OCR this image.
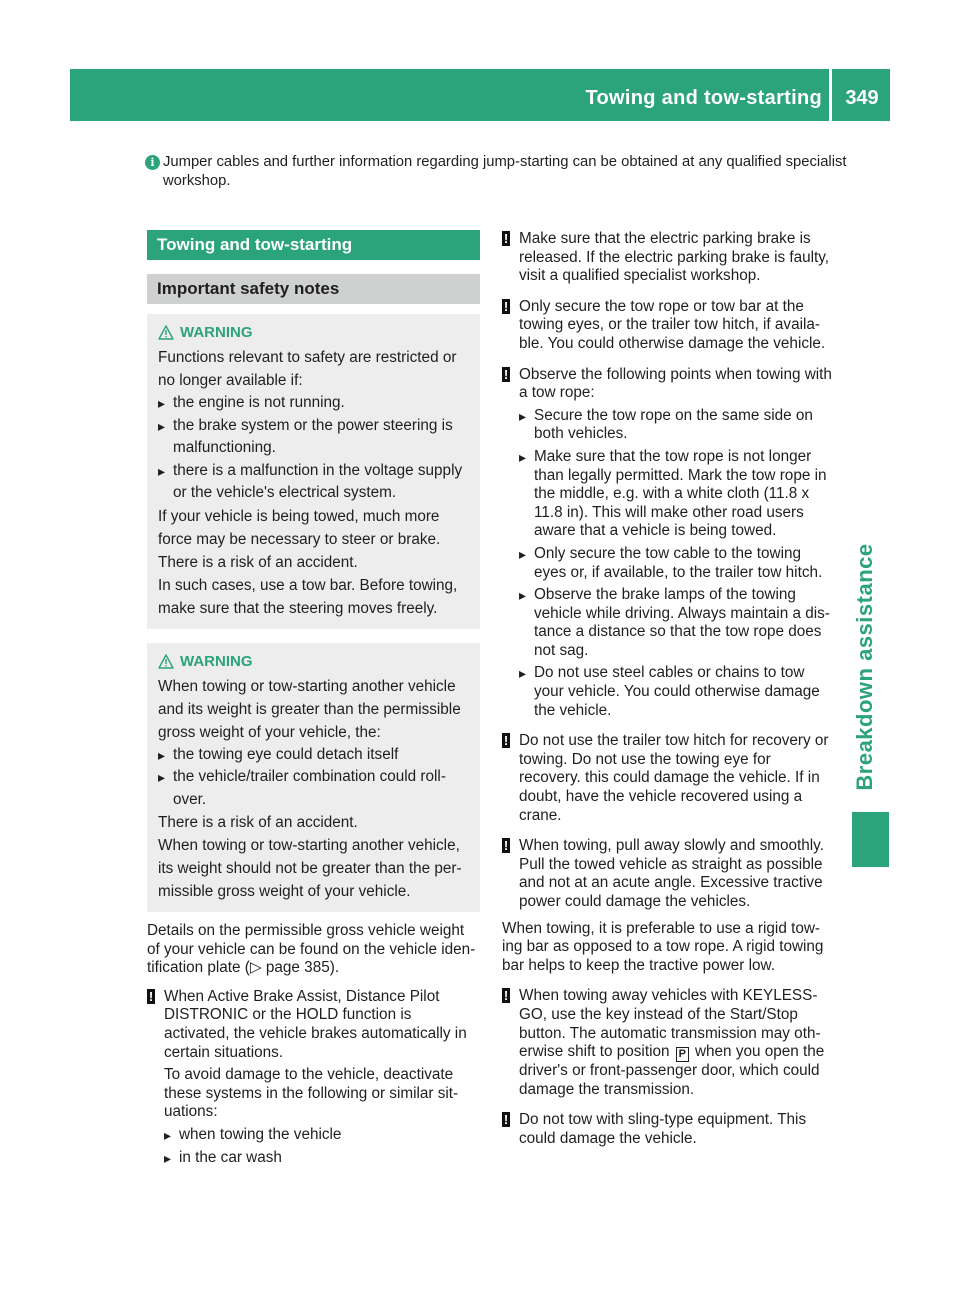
Towing and tow-starting	349
Breakdown assistance
i Jumper cables and further information regarding jump-starting can be obtained at any qualified specialist workshop.
Towing and tow-starting
Important safety notes
WARNING
Functions relevant to safety are restricted or no longer available if:
▸ the engine is not running.
▸ the brake system or the power steering is malfunctioning.
▸ there is a malfunction in the voltage supply or the vehicle's electrical system.
If your vehicle is being towed, much more force may be necessary to steer or brake.
There is a risk of an accident.
In such cases, use a tow bar. Before towing, make sure that the steering moves freely.
WARNING
When towing or tow-starting another vehicle and its weight is greater than the permissible gross weight of your vehicle, the:
▸ the towing eye could detach itself
▸ the vehicle/trailer combination could roll-over.
There is a risk of an accident.
When towing or tow-starting another vehicle, its weight should not be greater than the per-missible gross weight of your vehicle.
Details on the permissible gross vehicle weight of your vehicle can be found on the vehicle iden-tification plate (▷ page 385).
! When Active Brake Assist, Distance Pilot DISTRONIC or the HOLD function is activated, the vehicle brakes automatically in certain situations.
To avoid damage to the vehicle, deactivate these systems in the following or similar sit-uations:
▸ when towing the vehicle
▸ in the car wash
! Make sure that the electric parking brake is released. If the electric parking brake is faulty, visit a qualified specialist workshop.
! Only secure the tow rope or tow bar at the towing eyes, or the trailer tow hitch, if availa-ble. You could otherwise damage the vehicle.
! Observe the following points when towing with a tow rope:
▸ Secure the tow rope on the same side on both vehicles.
▸ Make sure that the tow rope is not longer than legally permitted. Mark the tow rope in the middle, e.g. with a white cloth (11.8 x 11.8 in). This will make other road users aware that a vehicle is being towed.
▸ Only secure the tow cable to the towing eyes or, if available, to the trailer tow hitch.
▸ Observe the brake lamps of the towing vehicle while driving. Always maintain a dis-tance a distance so that the tow rope does not sag.
▸ Do not use steel cables or chains to tow your vehicle. You could otherwise damage the vehicle.
! Do not use the trailer tow hitch for recovery or towing. Do not use the towing eye for recovery. this could damage the vehicle. If in doubt, have the vehicle recovered using a crane.
! When towing, pull away slowly and smoothly. Pull the towed vehicle as straight as possible and not at an acute angle. Excessive tractive power could damage the vehicles.
When towing, it is preferable to use a rigid tow-ing bar as opposed to a tow rope. A rigid towing bar helps to keep the tractive power low.
! When towing away vehicles with KEYLESS-GO, use the key instead of the Start/Stop button. The automatic transmission may oth-erwise shift to position P when you open the driver's or front-passenger door, which could damage the transmission.
! Do not tow with sling-type equipment. This could damage the vehicle.
